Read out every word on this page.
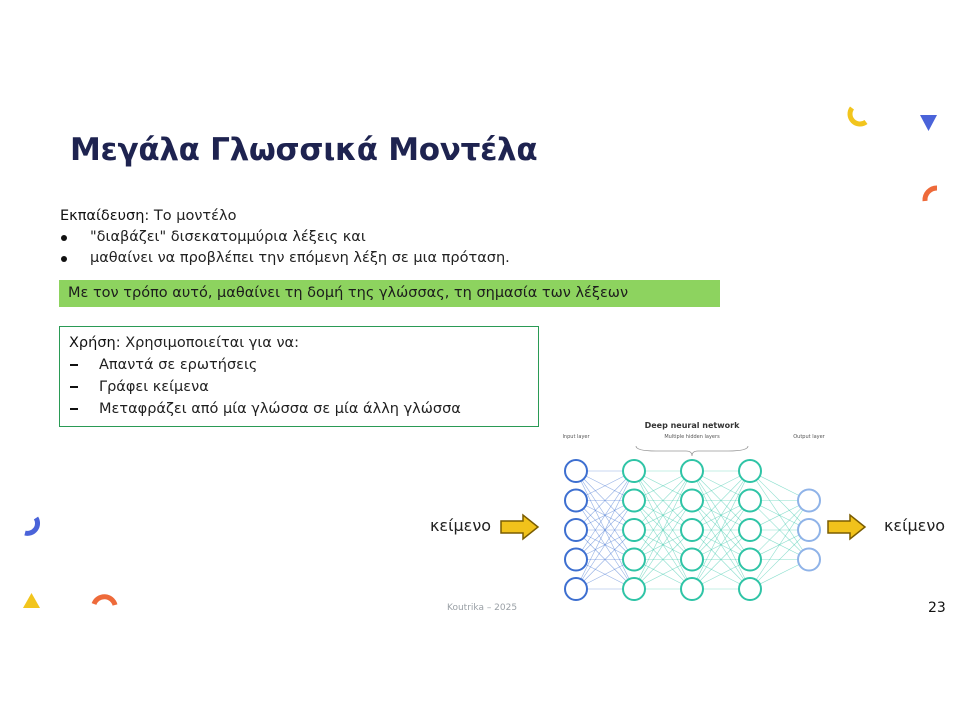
Μεγάλα Γλωσσικά Μοντέλα
Εκπαίδευση: Το μοντέλο
"διαβάζει" δισεκατομμύρια λέξεις και
μαθαίνει να προβλέπει την επόμενη λέξη σε μια πρόταση.
Με τον τρόπο αυτό, μαθαίνει τη δομή της γλώσσας, τη σημασία των λέξεων
Χρήση: Χρησιμοποιείται για να:
Απαντά σε ερωτήσεις
Γράφει κείμενα
Μεταφράζει από μία γλώσσα σε μία άλλη γλώσσα
κείμενο
Deep neural network
Input layer	Multiple hidden layers	Output layer
κείμενο
Koutrika – 2025	23
